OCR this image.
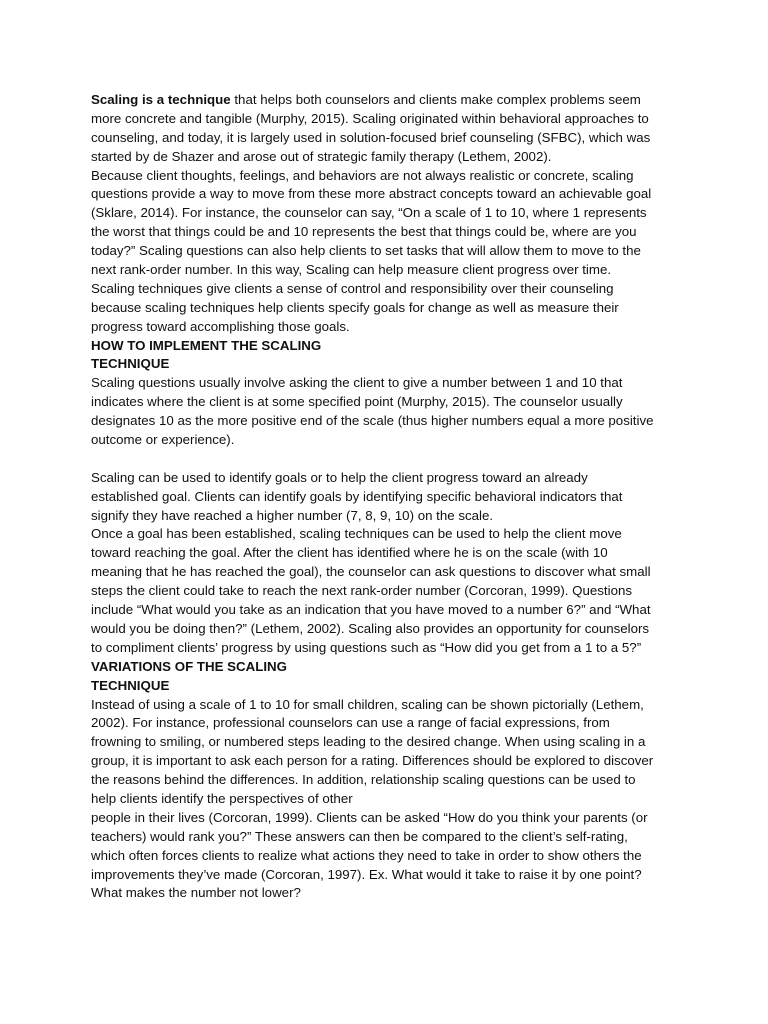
Scaling is a technique that helps both counselors and clients make complex problems seem
more concrete and tangible (Murphy, 2015). Scaling originated within behavioral approaches to
counseling, and today, it is largely used in solution-focused brief counseling (SFBC), which was
started by de Shazer and arose out of strategic family therapy (Lethem, 2002).
Because client thoughts, feelings, and behaviors are not always realistic or concrete, scaling
questions provide a way to move from these more abstract concepts toward an achievable goal
(Sklare, 2014). For instance, the counselor can say, “On a scale of 1 to 10, where 1 represents
the worst that things could be and 10 represents the best that things could be, where are you
today?” Scaling questions can also help clients to set tasks that will allow them to move to the
next rank-order number. In this way, Scaling can help measure client progress over time.
Scaling techniques give clients a sense of control and responsibility over their counseling
because scaling techniques help clients specify goals for change as well as measure their
progress toward accomplishing those goals.
HOW TO IMPLEMENT THE SCALING
TECHNIQUE
Scaling questions usually involve asking the client to give a number between 1 and 10 that
indicates where the client is at some specified point (Murphy, 2015). The counselor usually
designates 10 as the more positive end of the scale (thus higher numbers equal a more positive
outcome or experience).
Scaling can be used to identify goals or to help the client progress toward an already
established goal. Clients can identify goals by identifying specific behavioral indicators that
signify they have reached a higher number (7, 8, 9, 10) on the scale.
Once a goal has been established, scaling techniques can be used to help the client move
toward reaching the goal. After the client has identified where he is on the scale (with 10
meaning that he has reached the goal), the counselor can ask questions to discover what small
steps the client could take to reach the next rank-order number (Corcoran, 1999). Questions
include “What would you take as an indication that you have moved to a number 6?” and “What
would you be doing then?” (Lethem, 2002). Scaling also provides an opportunity for counselors
to compliment clients’ progress by using questions such as “How did you get from a 1 to a 5?”
VARIATIONS OF THE SCALING
TECHNIQUE
Instead of using a scale of 1 to 10 for small children, scaling can be shown pictorially (Lethem,
2002). For instance, professional counselors can use a range of facial expressions, from
frowning to smiling, or numbered steps leading to the desired change. When using scaling in a
group, it is important to ask each person for a rating. Differences should be explored to discover
the reasons behind the differences. In addition, relationship scaling questions can be used to
help clients identify the perspectives of other
people in their lives (Corcoran, 1999). Clients can be asked “How do you think your parents (or
teachers) would rank you?” These answers can then be compared to the client’s self-rating,
which often forces clients to realize what actions they need to take in order to show others the
improvements they’ve made (Corcoran, 1997). Ex. What would it take to raise it by one point?
What makes the number not lower?
